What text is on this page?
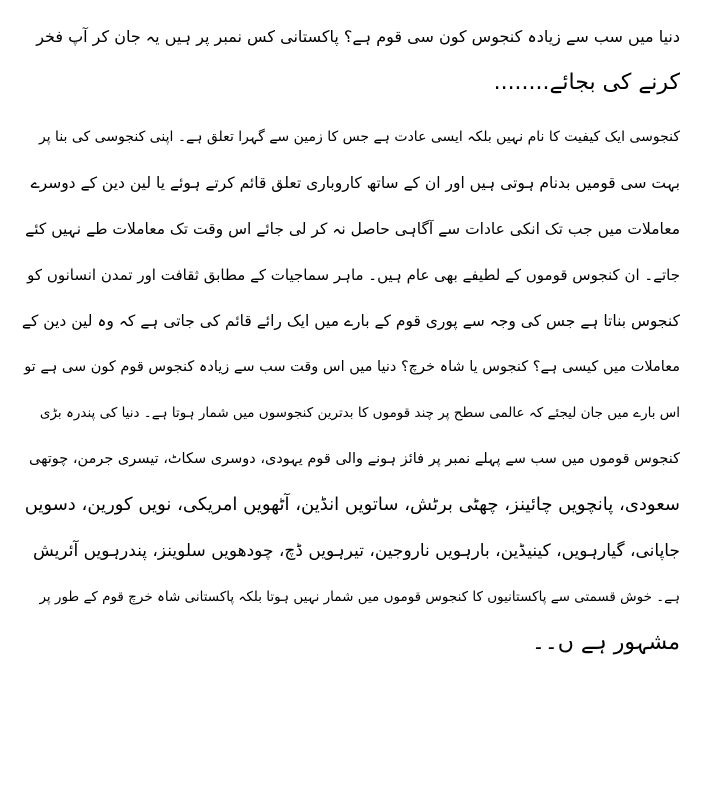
دنیا میں سب سے زیادہ کنجوس کون سی قوم ہے؟ پاکستانی کس نمبر پر ہیں یہ جان کر آپ فخر

کرنے کی بجائے........

کنجوسی ایک کیفیت کا نام نہیں بلکہ ایسی عادت ہے جس کا زمین سے گہرا تعلق ہے۔ اپنی کنجوسی کی بنا پر

بہت سی قومیں بدنام ہوتی ہیں اور ان کے ساتھ کاروباری تعلق قائم کرتے ہوئے یا لین دین کے دوسرے

معاملات میں جب تک انکی عادات سے آگاہی حاصل نہ کر لی جائے اس وقت تک معاملات طے نہیں کئے

جاتے۔ ان کنجوس قوموں کے لطیفے بھی عام ہیں۔ ماہر سماجیات کے مطابق ثقافت اور تمدن انسانوں کو

کنجوس بناتا ہے جس کی وجہ سے پوری قوم کے بارے میں ایک رائے قائم کی جاتی ہے کہ وہ لین دین کے

معاملات میں کیسی ہے؟ کنجوس یا شاہ خرچ؟ دنیا میں اس وقت سب سے زیادہ کنجوس قوم کون سی ہے تو

اس بارے میں جان لیجئے کہ عالمی سطح پر چند قوموں کا بدترین کنجوسوں میں شمار ہوتا ہے۔ دنیا کی پندرہ بڑی

کنجوس قوموں میں سب سے پہلے نمبر پر فائز ہونے والی قوم یہودی، دوسری سکاٹ، تیسری جرمن، چوتھی

سعودی، پانچویں چائینز، چھٹی برٹش، ساتویں انڈین، آٹھویں امریکی، نویں کورین، دسویں

جاپانی، گیارہویں، کینیڈین، بارہویں ناروجین، تیرہویں ڈچ، چودھویں سلوینز، پندرہویں آئریش

ہے۔ خوش قسمتی سے پاکستانیوں کا کنجوس قوموں میں شمار نہیں ہوتا بلکہ پاکستانی شاہ خرچ قوم کے طور پر

مشہور ہے ں۔۔
